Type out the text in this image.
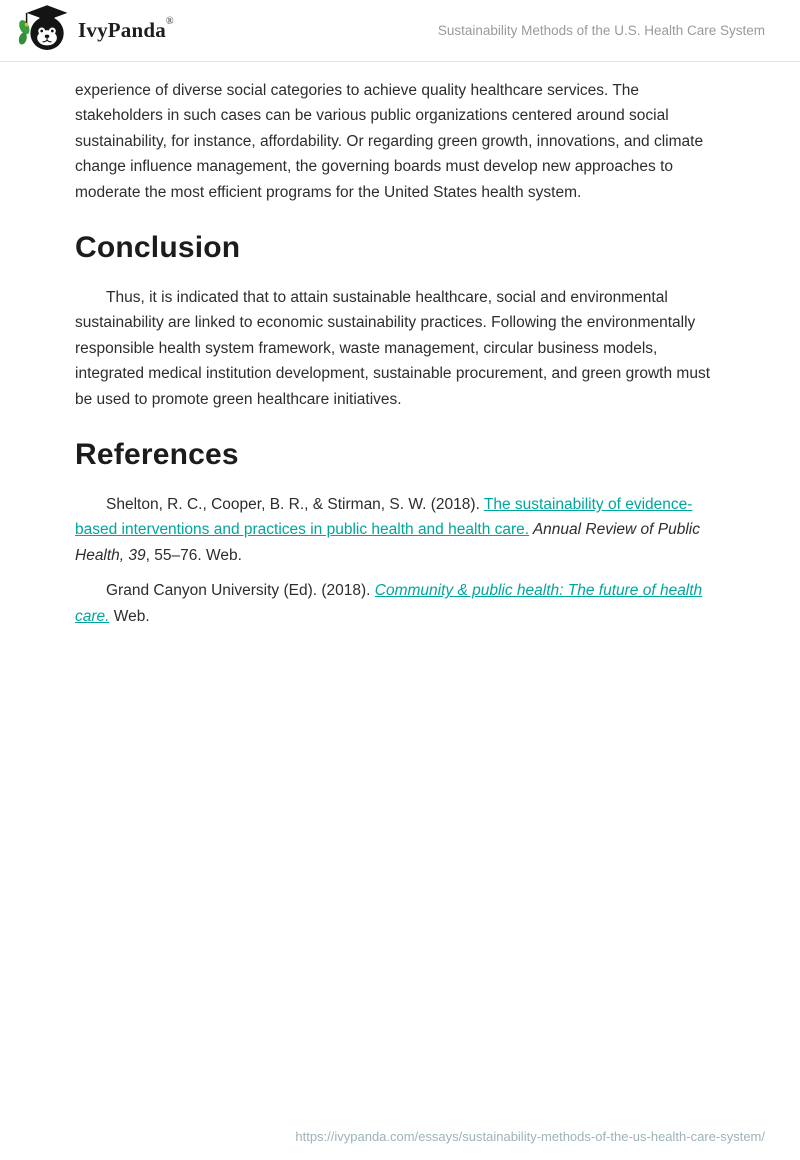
IvyPanda®
Sustainability Methods of the U.S. Health Care System

experience of diverse social categories to achieve quality healthcare services. The stakeholders in such cases can be various public organizations centered around social sustainability, for instance, affordability. Or regarding green growth, innovations, and climate change influence management, the governing boards must develop new approaches to moderate the most efficient programs for the United States health system.

Conclusion

Thus, it is indicated that to attain sustainable healthcare, social and environmental sustainability are linked to economic sustainability practices. Following the environmentally responsible health system framework, waste management, circular business models, integrated medical institution development, sustainable procurement, and green growth must be used to promote green healthcare initiatives.

References

Shelton, R. C., Cooper, B. R., & Stirman, S. W. (2018). The sustainability of evidence-based interventions and practices in public health and health care. Annual Review of Public Health, 39, 55–76. Web.

Grand Canyon University (Ed). (2018). Community & public health: The future of health care. Web.

https://ivypanda.com/essays/sustainability-methods-of-the-us-health-care-system/
